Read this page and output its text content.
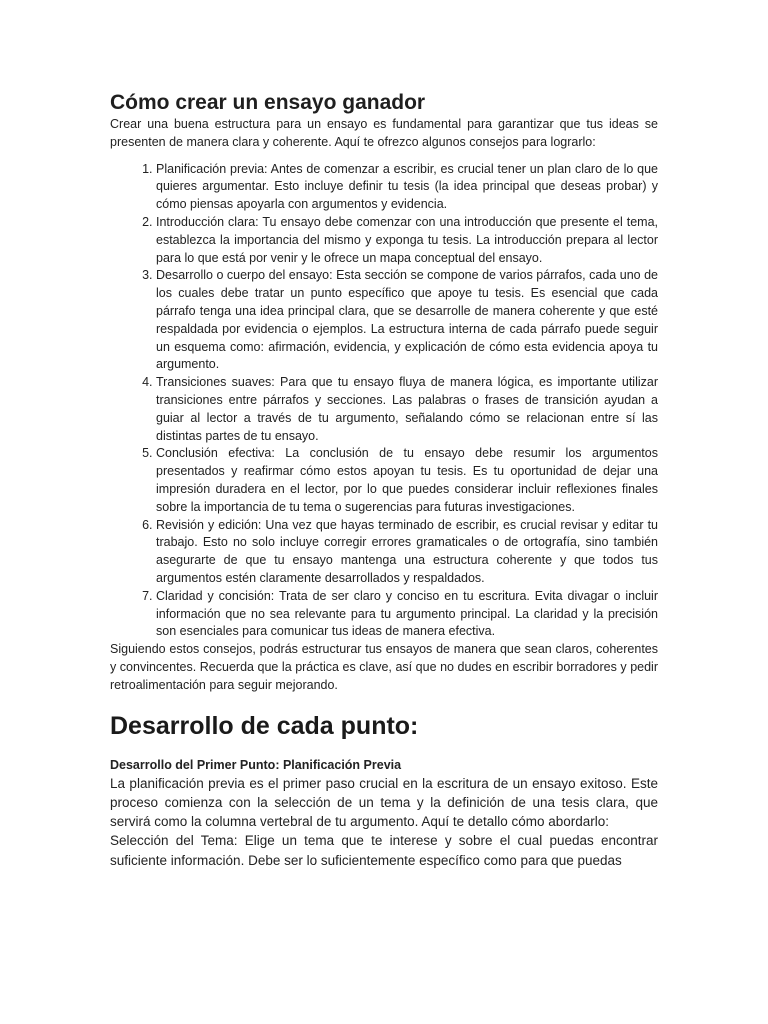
Cómo crear un ensayo ganador

Crear una buena estructura para un ensayo es fundamental para garantizar que tus ideas se presenten de manera clara y coherente. Aquí te ofrezco algunos consejos para lograrlo:

1. Planificación previa: Antes de comenzar a escribir, es crucial tener un plan claro de lo que quieres argumentar. Esto incluye definir tu tesis (la idea principal que deseas probar) y cómo piensas apoyarla con argumentos y evidencia.
2. Introducción clara: Tu ensayo debe comenzar con una introducción que presente el tema, establezca la importancia del mismo y exponga tu tesis. La introducción prepara al lector para lo que está por venir y le ofrece un mapa conceptual del ensayo.
3. Desarrollo o cuerpo del ensayo: Esta sección se compone de varios párrafos, cada uno de los cuales debe tratar un punto específico que apoye tu tesis. Es esencial que cada párrafo tenga una idea principal clara, que se desarrolle de manera coherente y que esté respaldada por evidencia o ejemplos. La estructura interna de cada párrafo puede seguir un esquema como: afirmación, evidencia, y explicación de cómo esta evidencia apoya tu argumento.
4. Transiciones suaves: Para que tu ensayo fluya de manera lógica, es importante utilizar transiciones entre párrafos y secciones. Las palabras o frases de transición ayudan a guiar al lector a través de tu argumento, señalando cómo se relacionan entre sí las distintas partes de tu ensayo.
5. Conclusión efectiva: La conclusión de tu ensayo debe resumir los argumentos presentados y reafirmar cómo estos apoyan tu tesis. Es tu oportunidad de dejar una impresión duradera en el lector, por lo que puedes considerar incluir reflexiones finales sobre la importancia de tu tema o sugerencias para futuras investigaciones.
6. Revisión y edición: Una vez que hayas terminado de escribir, es crucial revisar y editar tu trabajo. Esto no solo incluye corregir errores gramaticales o de ortografía, sino también asegurarte de que tu ensayo mantenga una estructura coherente y que todos tus argumentos estén claramente desarrollados y respaldados.
7. Claridad y concisión: Trata de ser claro y conciso en tu escritura. Evita divagar o incluir información que no sea relevante para tu argumento principal. La claridad y la precisión son esenciales para comunicar tus ideas de manera efectiva.

Siguiendo estos consejos, podrás estructurar tus ensayos de manera que sean claros, coherentes y convincentes. Recuerda que la práctica es clave, así que no dudes en escribir borradores y pedir retroalimentación para seguir mejorando.

Desarrollo de cada punto:
Desarrollo del Primer Punto: Planificación Previa

La planificación previa es el primer paso crucial en la escritura de un ensayo exitoso. Este proceso comienza con la selección de un tema y la definición de una tesis clara, que servirá como la columna vertebral de tu argumento. Aquí te detallo cómo abordarlo:

Selección del Tema: Elige un tema que te interese y sobre el cual puedas encontrar suficiente información. Debe ser lo suficientemente específico como para que puedas
